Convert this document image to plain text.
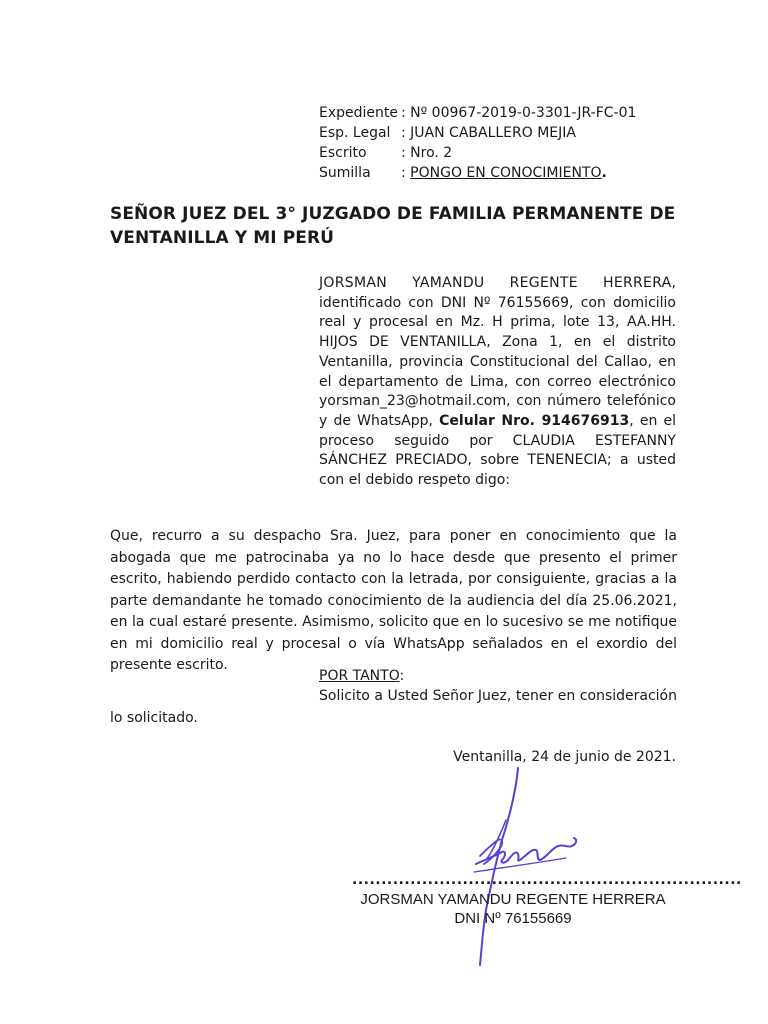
Expediente : Nº 00967-2019-0-3301-JR-FC-01
Esp. Legal : JUAN CABALLERO MEJIA
Escrito	: Nro. 2
Sumilla	: PONGO EN CONOCIMIENTO.
SEÑOR JUEZ DEL 3° JUZGADO DE FAMILIA PERMANENTE DE VENTANILLA Y MI PERÚ
JORSMAN YAMANDU REGENTE HERRERA, identificado con DNI Nº 76155669, con domicilio real y procesal en Mz. H prima, lote 13, AA.HH. HIJOS DE VENTANILLA, Zona 1, en el distrito Ventanilla, provincia Constitucional del Callao, en el departamento de Lima, con correo electrónico yorsman_23@hotmail.com, con número telefónico y de WhatsApp, Celular Nro. 914676913, en el proceso seguido por CLAUDIA ESTEFANNY SÁNCHEZ PRECIADO, sobre TENENECIA; a usted con el debido respeto digo:
Que, recurro a su despacho Sra. Juez, para poner en conocimiento que la abogada que me patrocinaba ya no lo hace desde que presento el primer escrito, habiendo perdido contacto con la letrada, por consiguiente, gracias a la parte demandante he tomado conocimiento de la audiencia del día 25.06.2021, en la cual estaré presente. Asimismo, solicito que en lo sucesivo se me notifique en mi domicilio real y procesal o vía WhatsApp señalados en el exordio del presente escrito.
POR TANTO:
Solicito a Usted Señor Juez, tener en consideración lo solicitado.
Ventanilla, 24 de junio de 2021.
...................................................................
JORSMAN YAMANDU REGENTE HERRERA
DNI Nº 76155669
